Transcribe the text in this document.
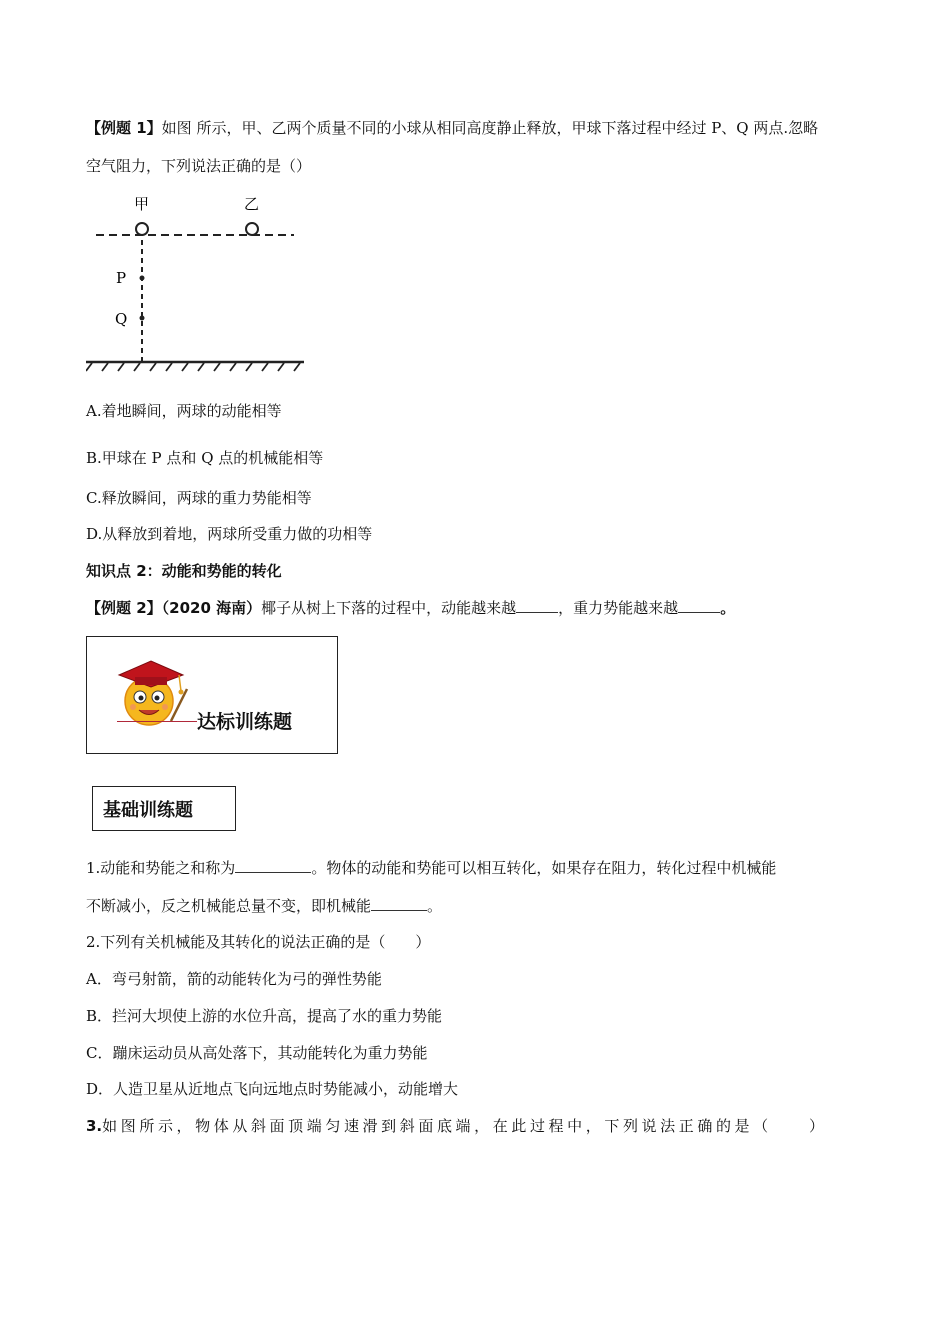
【例题 1】如图 所示，甲、乙两个质量不同的小球从相同高度静止释放，甲球下落过程中经过 P、Q 两点.忽略
空气阻力，下列说法正确的是（）
甲	乙
P
Q
A.着地瞬间，两球的动能相等
B.甲球在 P 点和 Q 点的机械能相等
C.释放瞬间，两球的重力势能相等
D.从释放到着地，两球所受重力做的功相等
知识点 2：动能和势能的转化
【例题 2】（2020 海南）椰子从树上下落的过程中，动能越来越	，重力势能越来越	。
达标训练题
基础训练题
1.动能和势能之和称为	。物体的动能和势能可以相互转化，如果存在阻力，转化过程中机械能
不断减小，反之机械能总量不变，即机械能	。
2.下列有关机械能及其转化的说法正确的是（　　）
A．弯弓射箭，箭的动能转化为弓的弹性势能
B．拦河大坝使上游的水位升高，提高了水的重力势能
C．蹦床运动员从高处落下，其动能转化为重力势能
D．人造卫星从近地点飞向远地点时势能减小，动能增大
3.如图所示，物体从斜面顶端匀速滑到斜面底端，在此过程中，下列说法正确的是（　　）
